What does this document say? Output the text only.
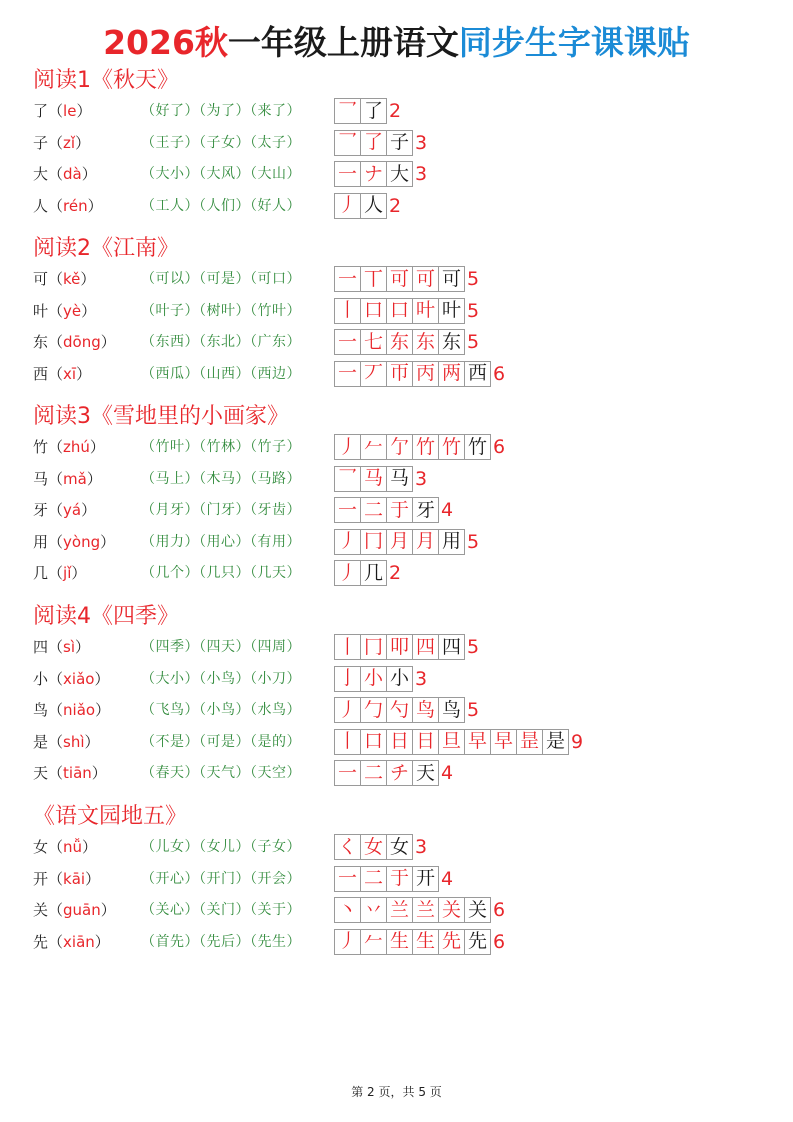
2026秋一年级上册语文同步生字课课贴
阅读1《秋天》
了（le）	（好了）（为了）（来了） 乛 了 2
子（zǐ）	（王子）（子女）（太子） 乛 了 子 3
大（dà）	（大小）（大风）（大山） 一 ナ 大 3
人（rén）	（工人）（人们）（好人） 丿 人 2
阅读2《江南》
可（kě）	（可以）（可是）（可口） 一 丅 可 可 可 5
叶（yè）	（叶子）（树叶）（竹叶） 丨 口 口 叶 叶 5
东（dōng） （东西）（东北）（广东） 一 七 东 东 东 5
西（xī）	（西瓜）（山西）（西边） 一 丆 帀 丙 两 西 6
阅读3《雪地里的小画家》
竹（zhú）	（竹叶）（竹林）（竹子） 丿 𠂉 亇 竹 竹 竹 6
马（mǎ）	（马上）（木马）（马路） 乛 马 马 3
牙（yá）	（月牙）（门牙）（牙齿） 一 二 于 牙 4
用（yòng） （用力）（用心）（有用） 丿 冂 月 月 用 5
几（jǐ）	（几个）（几只）（几天） 丿 几 2
阅读4《四季》
四（sì）	（四季）（四天）（四周） 丨 冂 叩 四 四 5
小（xiǎo） （大小）（小鸟）（小刀） 亅 小 小 3
鸟（niǎo） （飞鸟）（小鸟）（水鸟） 丿 勹 勺 鸟 鸟 5
是（shì）	（不是）（可是）（是的） 丨 口 日 日 旦 早 早 昰 是 9
天（tiān） （春天）（天气）（天空） 一 二 チ 天 4
《语文园地五》
女（nǚ）	（儿女）（女儿）（子女） く 女 女 3
开（kāi）	（开心）（开门）（开会） 一 二 于 开 4
关（guān） （关心）（关门）（关于） 丶 丷 兰 兰 关 关 6
先（xiān） （首先）（先后）（先生） 丿 𠂉 生 生 先 先 6
第 2 页，共 5 页
